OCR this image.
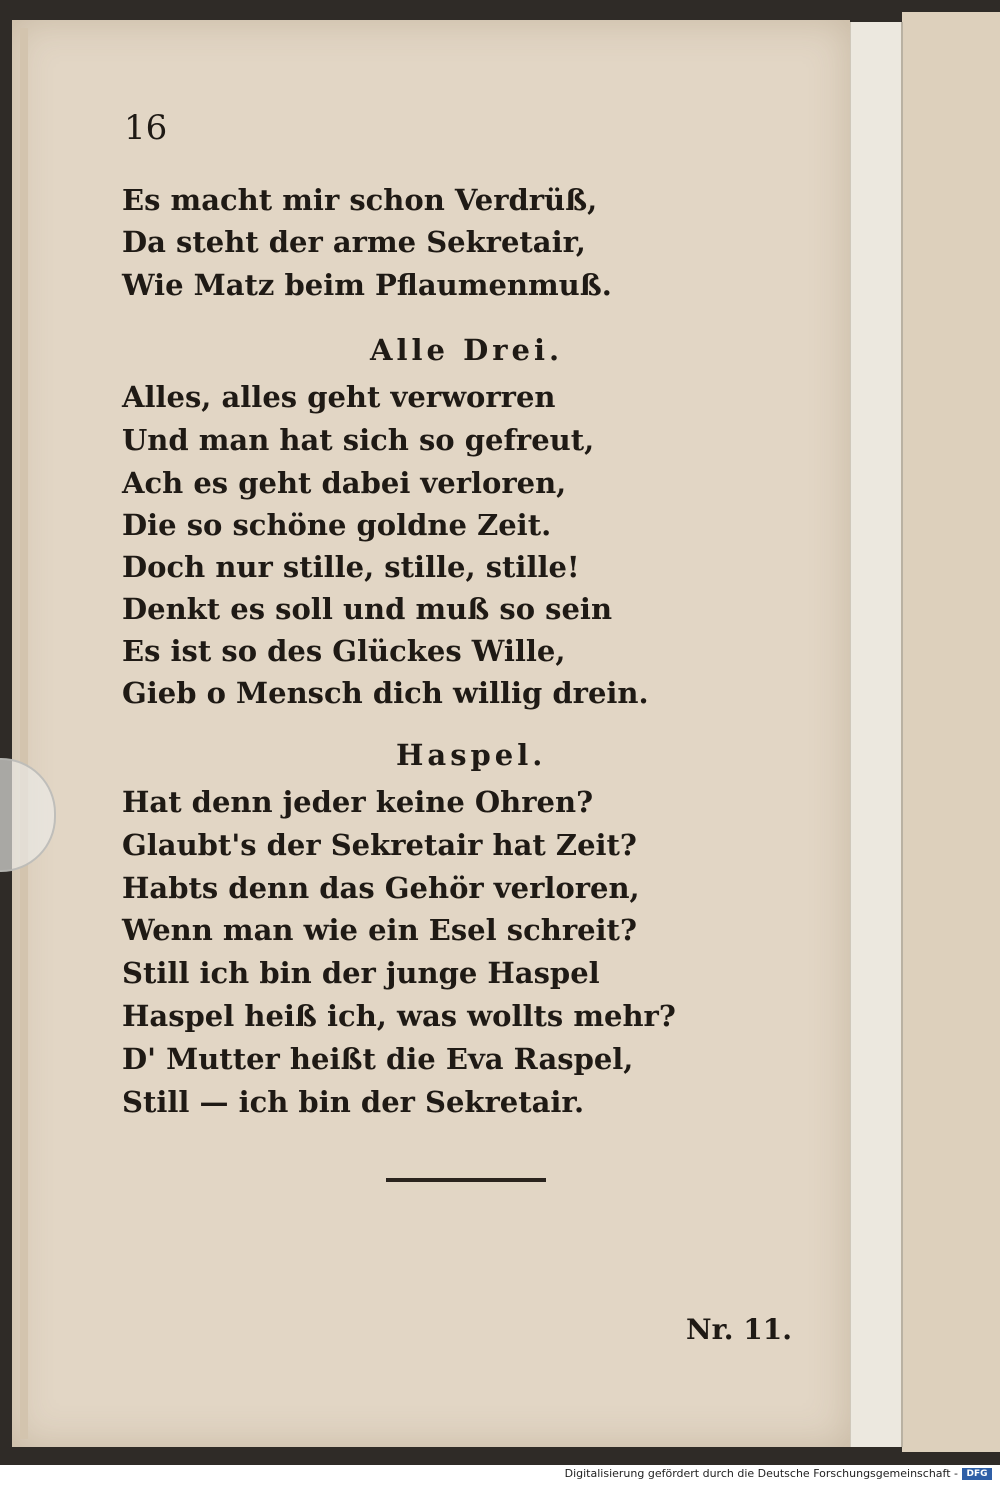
16
Es macht mir schon Verdrüß,
Da steht der arme Sekretair,
Wie Matz beim Pflaumenmuß.
Alle Drei.
Alles, alles geht verworren
Und man hat sich so gefreut,
Ach es geht dabei verloren,
Die so schöne goldne Zeit.
Doch nur stille, stille, stille!
Denkt es soll und muß so sein
Es ist so des Glückes Wille,
Gieb o Mensch dich willig drein.
Haspel.
Hat denn jeder keine Ohren?
Glaubt's der Sekretair hat Zeit?
Habts denn das Gehör verloren,
Wenn man wie ein Esel schreit?
Still ich bin der junge Haspel
Haspel heiß ich, was wollts mehr?
D' Mutter heißt die Eva Raspel,
Still — ich bin der Sekretair.
Nr. 11.
Digitalisierung gefördert durch die Deutsche Forschungsgemeinschaft - DFG
